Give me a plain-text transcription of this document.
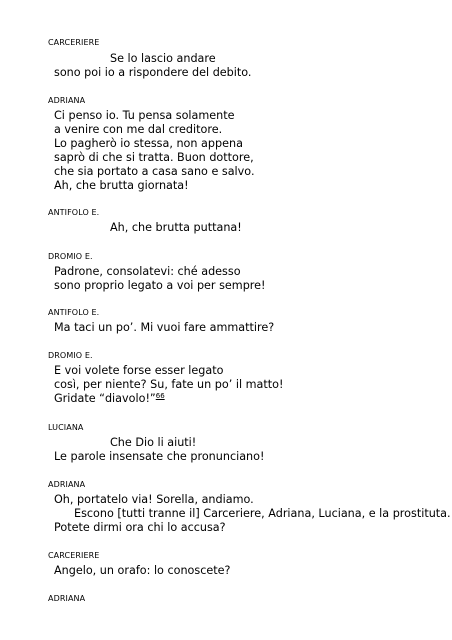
CARCERIERE
Se lo lascio andare
sono poi io a rispondere del debito.
ADRIANA
Ci penso io. Tu pensa solamente
a venire con me dal creditore.
Lo pagherò io stessa, non appena
saprò di che si tratta. Buon dottore,
che sia portato a casa sano e salvo.
Ah, che brutta giornata!
ANTIFOLO E.
Ah, che brutta puttana!
DROMIO E.
Padrone, consolatevi: ché adesso
sono proprio legato a voi per sempre!
ANTIFOLO E.
Ma taci un po’. Mi vuoi fare ammattire?
DROMIO E.
E voi volete forse esser legato
così, per niente? Su, fate un po’ il matto!
Gridate “diavolo!”$^{66}$
LUCIANA
Che Dio li aiuti!
Le parole insensate che pronunciano!
ADRIANA
Oh, portatelo via! Sorella, andiamo.
Escono [tutti tranne il] Carceriere, Adriana, Luciana, e la prostituta.
Potete dirmi ora chi lo accusa?
CARCERIERE
Angelo, un orafo: lo conoscete?
ADRIANA
